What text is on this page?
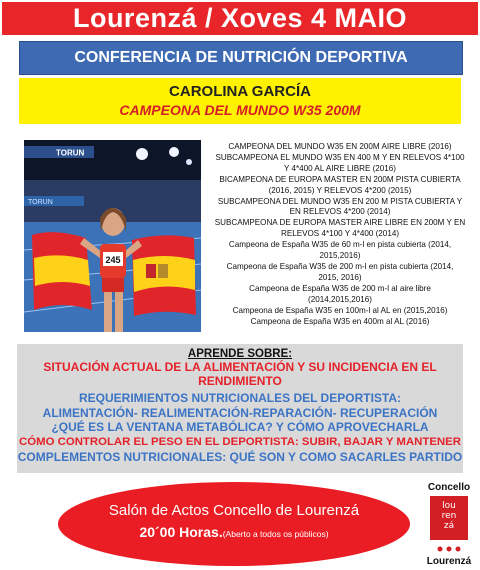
Lourenzá / Xoves 4 MAIO
CONFERENCIA DE NUTRICIÓN DEPORTIVA
CAROLINA GARCÍA
CAMPEONA DEL MUNDO W35 200M
TORUN
TORUN
245
CAMPEONA DEL MUNDO W35 EN 200M AIRE LIBRE (2016)
SUBCAMPEONA EL MUNDO W35 EN 400 M Y EN RELEVOS 4*100
Y 4*400 AL AIRE LIBRE (2016)
BICAMPEONA DE EUROPA MASTER EN 200M PISTA CUBIERTA
(2016, 2015) Y RELEVOS 4*200 (2015)
SUBCAMPEONA DEL MUNDO W35 EN 200 M PISTA CUBIERTA Y
EN RELEVOS 4*200 (2014)
SUBCAMPEONA DE EUROPA MASTER AIRE LIBRE EN 200M Y EN
RELEVOS 4*100 Y 4*400 (2014)
Campeona de España W35 de 60 m-l en pista cubierta (2014,
2015,2016)
Campeona de España W35 de 200 m-l en pista cubierta (2014,
2015, 2016)
Campeona de España W35 de 200 m-l al aire libre
(2014,2015,2016)
Campeona de España W35 en 100m-l al AL en (2015,2016)
Campeona de España W35 en 400m al AL (2016)
APRENDE SOBRE:
SITUACIÓN ACTUAL DE LA ALIMENTACIÓN Y SU INCIDENCIA EN EL
RENDIMIENTO
REQUERIMIENTOS NUTRICIONALES DEL DEPORTISTA:
ALIMENTACIÓN- REALIMENTACIÓN-REPARACIÓN- RECUPERACIÓN
¿QUÉ ES LA VENTANA METABÓLICA? Y CÓMO APROVECHARLA
CÓMO CONTROLAR EL PESO EN EL DEPORTISTA: SUBIR, BAJAR Y MANTENER
COMPLEMENTOS NUTRICIONALES: QUÉ SON Y COMO SACARLES PARTIDO
Salón de Actos Concello de Lourenzá
20´00 Horas.(Aberto a todos os públicos)
Concello
lou
ren
zá
Lourenzá
